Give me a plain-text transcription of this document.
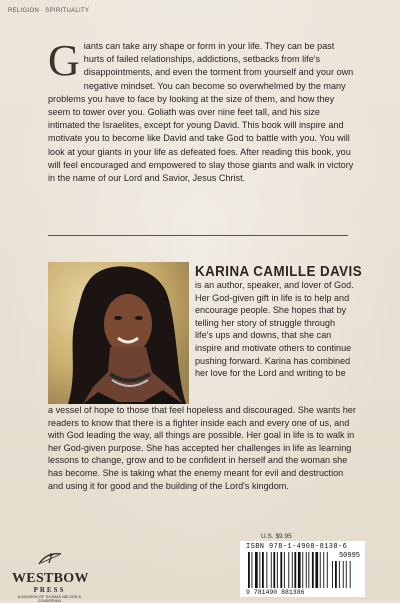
RELIGION · SPIRITUALITY
Giants can take any shape or form in your life. They can be past hurts of failed relationships, addictions, setbacks from life's disappointments, and even the torment from yourself and your own negative mindset. You can become so overwhelmed by the many problems you have to face by looking at the size of them, and how they seem to tower over you. Goliath was over nine feet tall, and his size intimated the Israelites, except for young David. This book will inspire and motivate you to become like David and take God to battle with you. You will look at your giants in your life as defeated foes. After reading this book, you will feel encouraged and empowered to slay those giants and walk in victory in the name of our Lord and Savior, Jesus Christ.
KARINA CAMILLE DAVIS
is an author, speaker, and lover of God. Her God-given gift in life is to help and encourage people. She hopes that by telling her story of struggle through life's ups and downs, that she can inspire and motivate others to continue pushing forward. Karina has combined her love for the Lord and writing to be
a vessel of hope to those that feel hopeless and discouraged. She wants her readers to know that there is a fighter inside each and every one of us, and with God leading the way, all things are possible. Her goal in life is to walk in her God-given purpose. She has accepted her challenges in life as learning lessons to change, grow and to be confident in herself and the woman she has become. She is taking what the enemy meant for evil and destruction and using it for good and the building of the Lord's kingdom.
WESTBOW
PRESS
A DIVISION OF THOMAS NELSON & ZONDERVAN
U.S. $9.95
ISBN 978-1-4908-8138-6
50995
9 781490 881386
